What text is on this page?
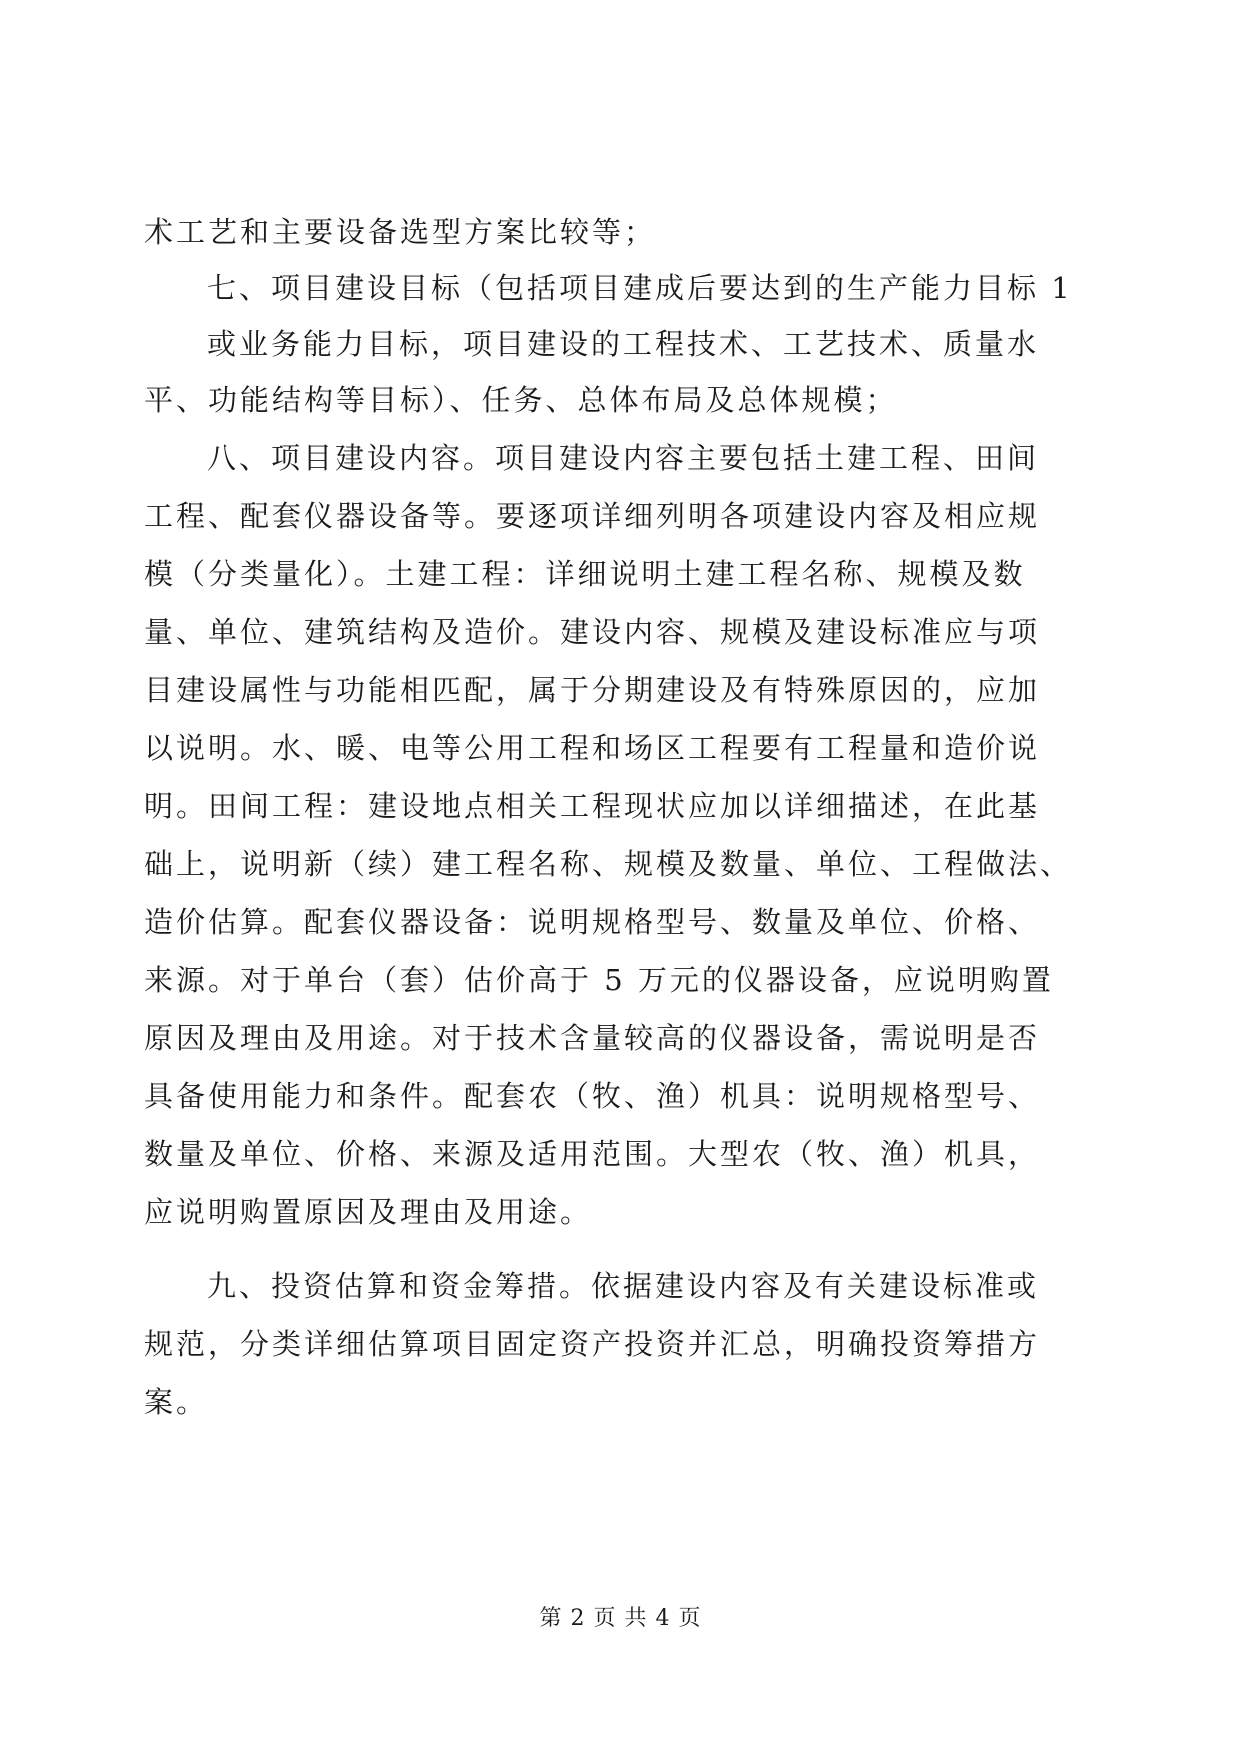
术工艺和主要设备选型方案比较等；
七、项目建设目标（包括项目建成后要达到的生产能力目标 1
或业务能力目标，项目建设的工程技术、工艺技术、质量水
平、功能结构等目标）、任务、总体布局及总体规模；
八、项目建设内容。项目建设内容主要包括土建工程、田间
工程、配套仪器设备等。要逐项详细列明各项建设内容及相应规
模（分类量化）。土建工程：详细说明土建工程名称、规模及数
量、单位、建筑结构及造价。建设内容、规模及建设标准应与项
目建设属性与功能相匹配，属于分期建设及有特殊原因的，应加
以说明。水、暖、电等公用工程和场区工程要有工程量和造价说
明。田间工程：建设地点相关工程现状应加以详细描述，在此基
础上，说明新（续）建工程名称、规模及数量、单位、工程做法、
造价估算。配套仪器设备：说明规格型号、数量及单位、价格、
来源。对于单台（套）估价高于 5 万元的仪器设备，应说明购置
原因及理由及用途。对于技术含量较高的仪器设备，需说明是否
具备使用能力和条件。配套农（牧、渔）机具：说明规格型号、
数量及单位、价格、来源及适用范围。大型农（牧、渔）机具，
应说明购置原因及理由及用途。
九、投资估算和资金筹措。依据建设内容及有关建设标准或
规范，分类详细估算项目固定资产投资并汇总，明确投资筹措方
案。
第 2 页 共 4 页
